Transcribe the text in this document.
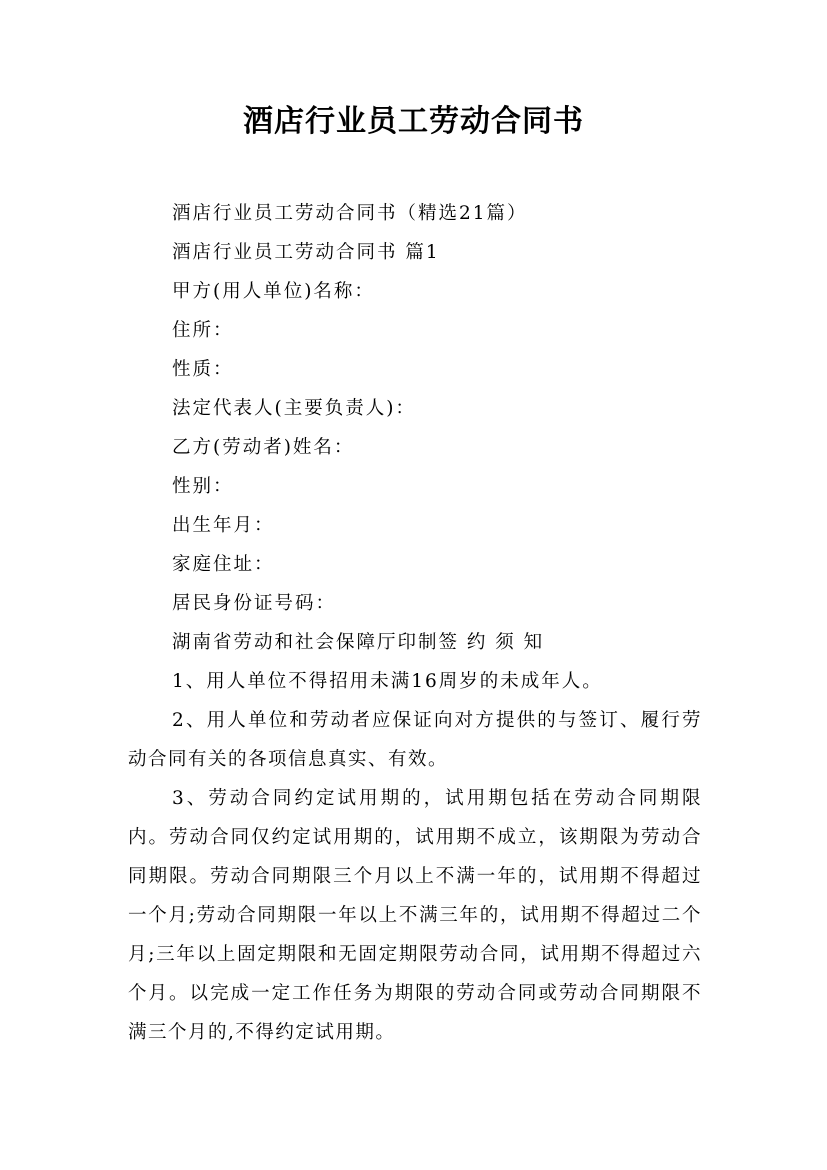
酒店行业员工劳动合同书
酒店行业员工劳动合同书（精选21篇）
酒店行业员工劳动合同书 篇1
甲方(用人单位)名称：
住所：
性质：
法定代表人(主要负责人)：
乙方(劳动者)姓名：
性别：
出生年月：
家庭住址：
居民身份证号码：
湖南省劳动和社会保障厅印制签 约 须 知
1、用人单位不得招用未满16周岁的未成年人。

2、用人单位和劳动者应保证向对方提供的与签订、履行劳动合同有关的各项信息真实、有效。

3、劳动合同约定试用期的，试用期包括在劳动合同期限内。劳动合同仅约定试用期的，试用期不成立，该期限为劳动合同期限。劳动合同期限三个月以上不满一年的，试用期不得超过一个月;劳动合同期限一年以上不满三年的，试用期不得超过二个月;三年以上固定期限和无固定期限劳动合同，试用期不得超过六个月。以完成一定工作任务为期限的劳动合同或劳动合同期限不满三个月的,不得约定试用期。
